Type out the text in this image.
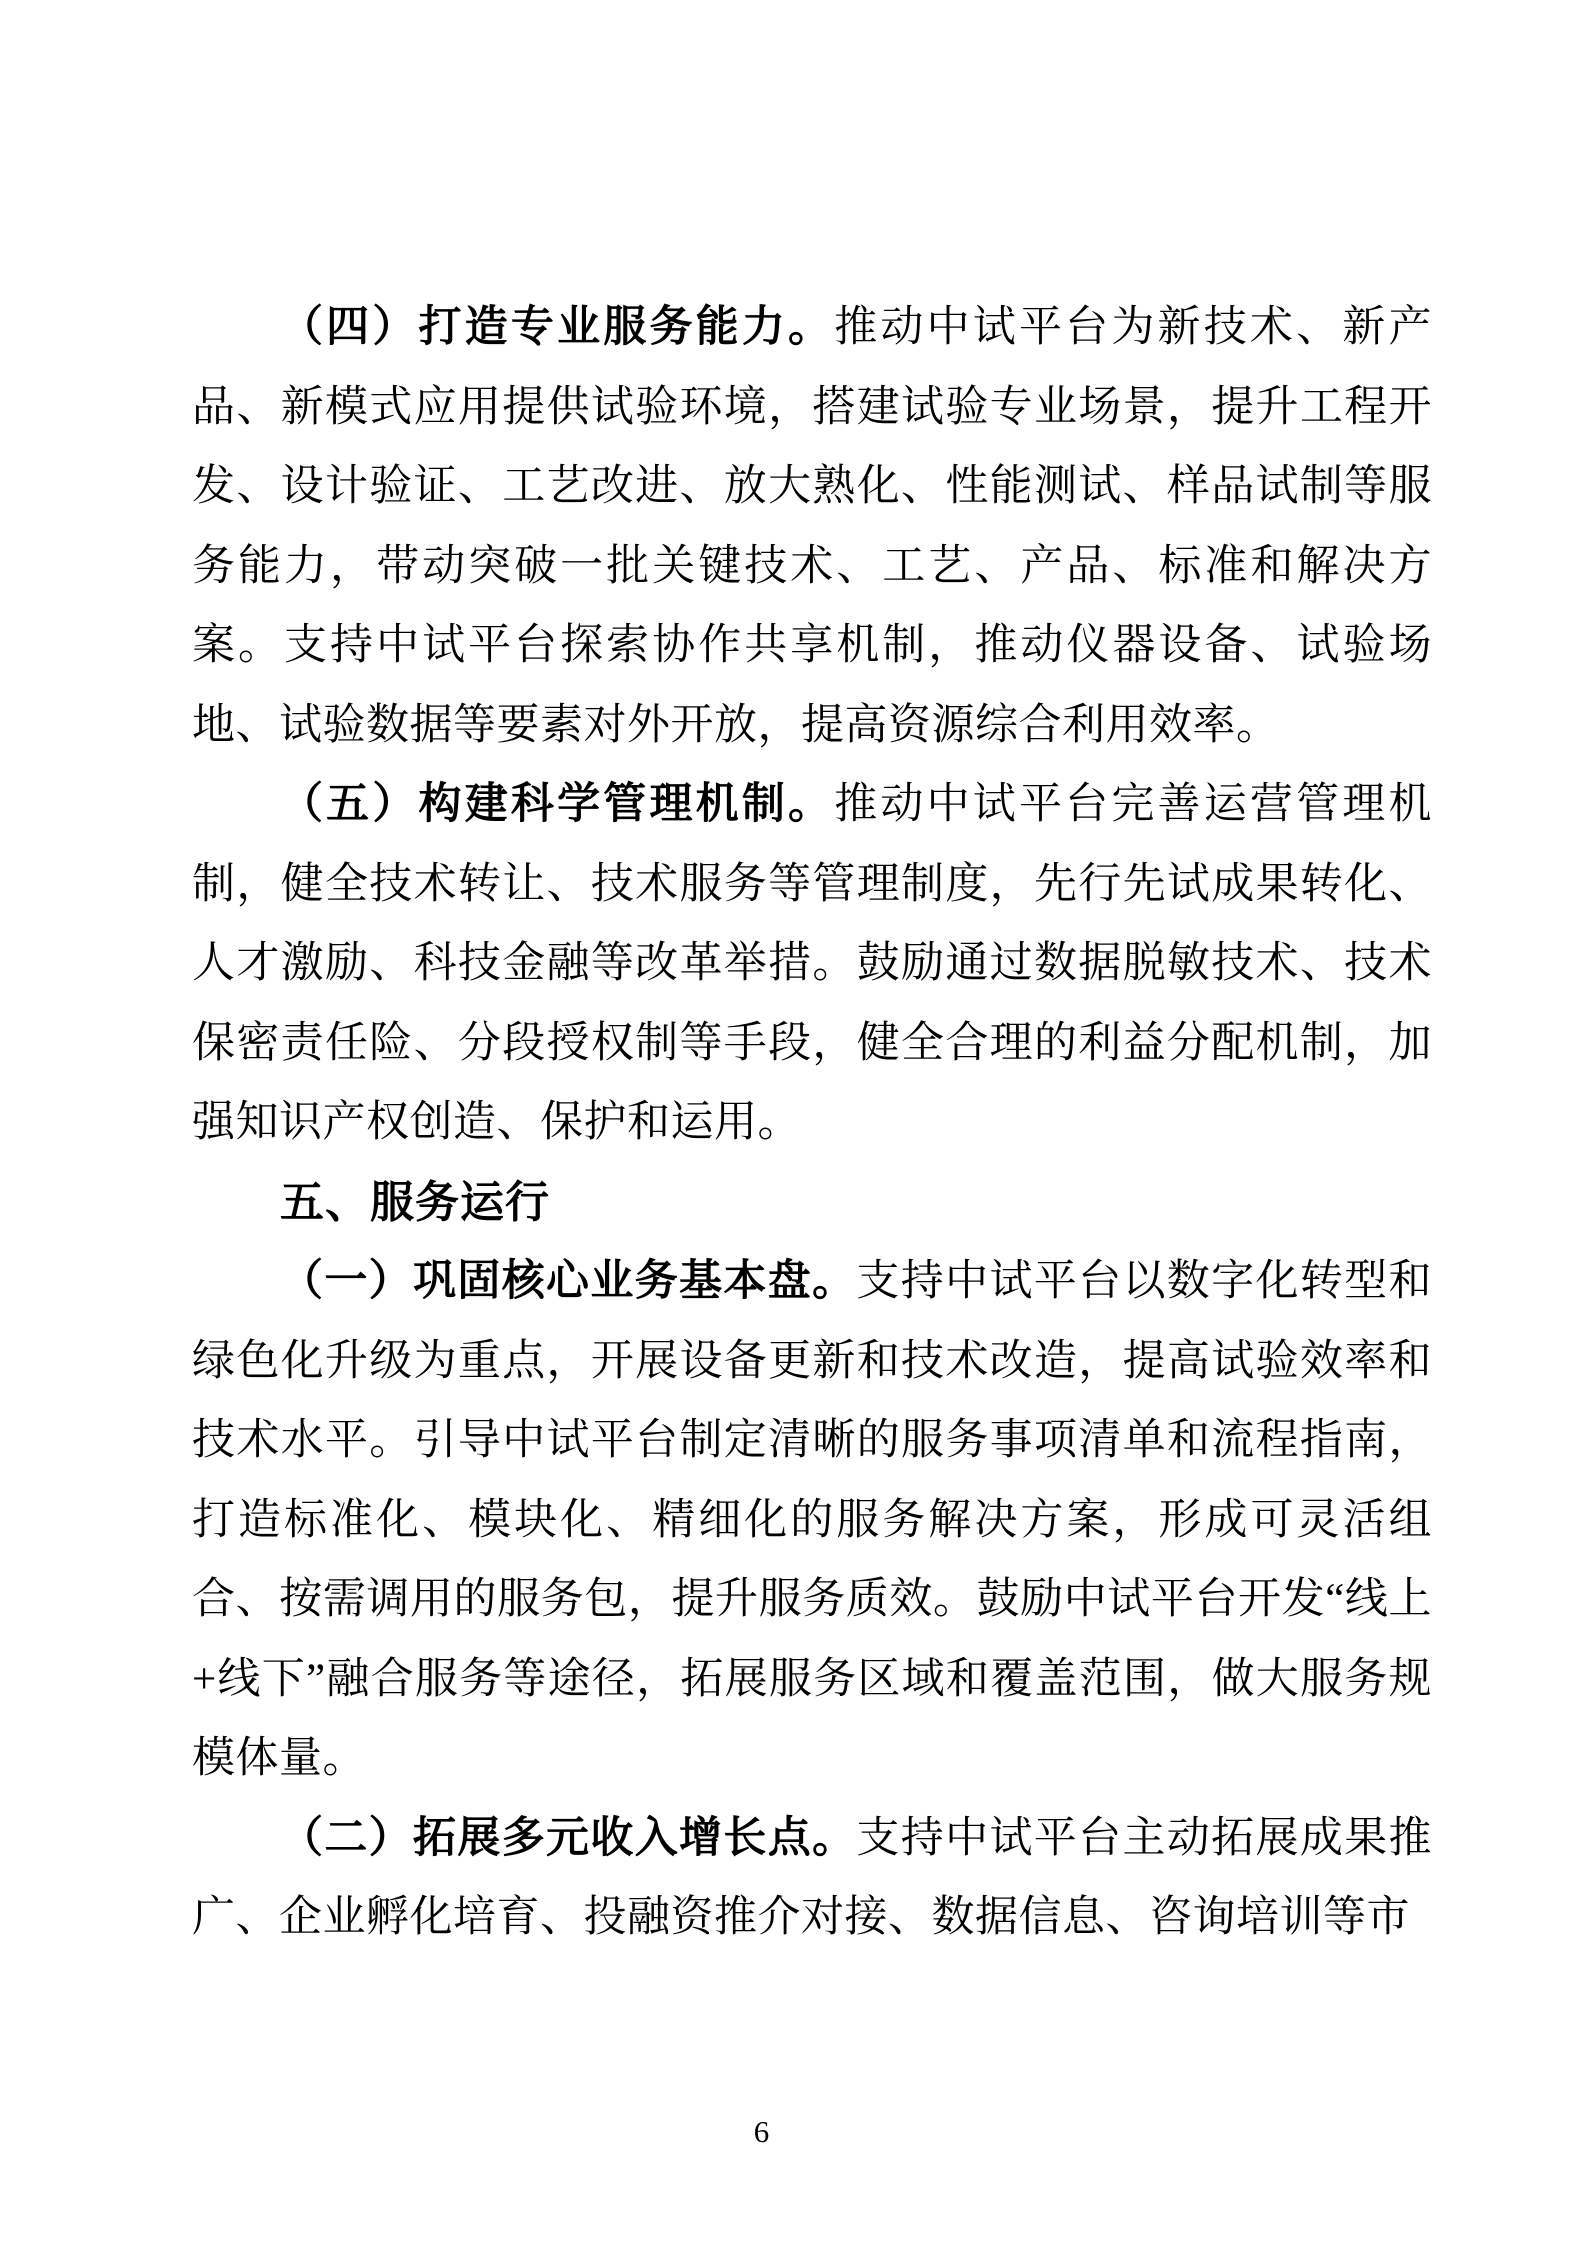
（四）打造专业服务能力。推动中试平台为新技术、新产品、新模式应用提供试验环境，搭建试验专业场景，提升工程开发、设计验证、工艺改进、放大熟化、性能测试、样品试制等服务能力，带动突破一批关键技术、工艺、产品、标准和解决方案。支持中试平台探索协作共享机制，推动仪器设备、试验场地、试验数据等要素对外开放，提高资源综合利用效率。

（五）构建科学管理机制。推动中试平台完善运营管理机制，健全技术转让、技术服务等管理制度，先行先试成果转化、人才激励、科技金融等改革举措。鼓励通过数据脱敏技术、技术保密责任险、分段授权制等手段，健全合理的利益分配机制，加强知识产权创造、保护和运用。

五、服务运行

（一）巩固核心业务基本盘。支持中试平台以数字化转型和绿色化升级为重点，开展设备更新和技术改造，提高试验效率和技术水平。引导中试平台制定清晰的服务事项清单和流程指南，打造标准化、模块化、精细化的服务解决方案，形成可灵活组合、按需调用的服务包，提升服务质效。鼓励中试平台开发“线上+线下”融合服务等途径，拓展服务区域和覆盖范围，做大服务规模体量。

（二）拓展多元收入增长点。支持中试平台主动拓展成果推广、企业孵化培育、投融资推介对接、数据信息、咨询培训等市

6
